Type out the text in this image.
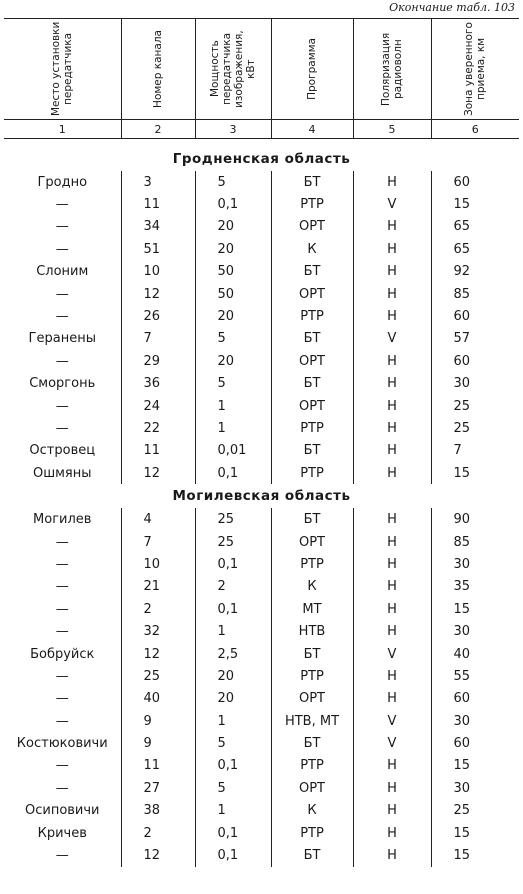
Окончание табл. 103
Место установки передатчика	Номер канала	Мощность передатчика изображения, кВт	Программа	Поляризация радиоволн	Зона уверенного приема, км

1	2	3	4	5	6

Гродненская область					
Гродно	3	5	БТ	Н	60
—	11	0,1	РТР	V	15
—	34	20	ОРТ	Н	65
—	51	20	К	Н	65
Слоним	10	50	БТ	Н	92
—	12	50	ОРТ	Н	85
—	26	20	РТР	Н	60
Геранены	7	5	БТ	V	57
—	29	20	ОРТ	Н	60
Сморгонь	36	5	БТ	Н	30
—	24	1	ОРТ	Н	25
—	22	1	РТР	Н	25
Островец	11	0,01	БТ	Н	7
Ошмяны	12	0,1	РТР	Н	15
Могилевская область					
Могилев	4	25	БТ	Н	90
—	7	25	ОРТ	Н	85
—	10	0,1	РТР	Н	30
—	21	2	К	Н	35
—	2	0,1	МТ	Н	15
—	32	1	НТВ	Н	30
Бобруйск	12	2,5	БТ	V	40
—	25	20	РТР	Н	55
—	40	20	ОРТ	Н	60
—	9	1	НТВ, МТ	V	30
Костюковичи	9	5	БТ	V	60
—	11	0,1	РТР	Н	15
—	27	5	ОРТ	Н	30
Осиповичи	38	1	К	Н	25
Кричев	2	0,1	РТР	Н	15
—	12	0,1	БТ	Н	15
